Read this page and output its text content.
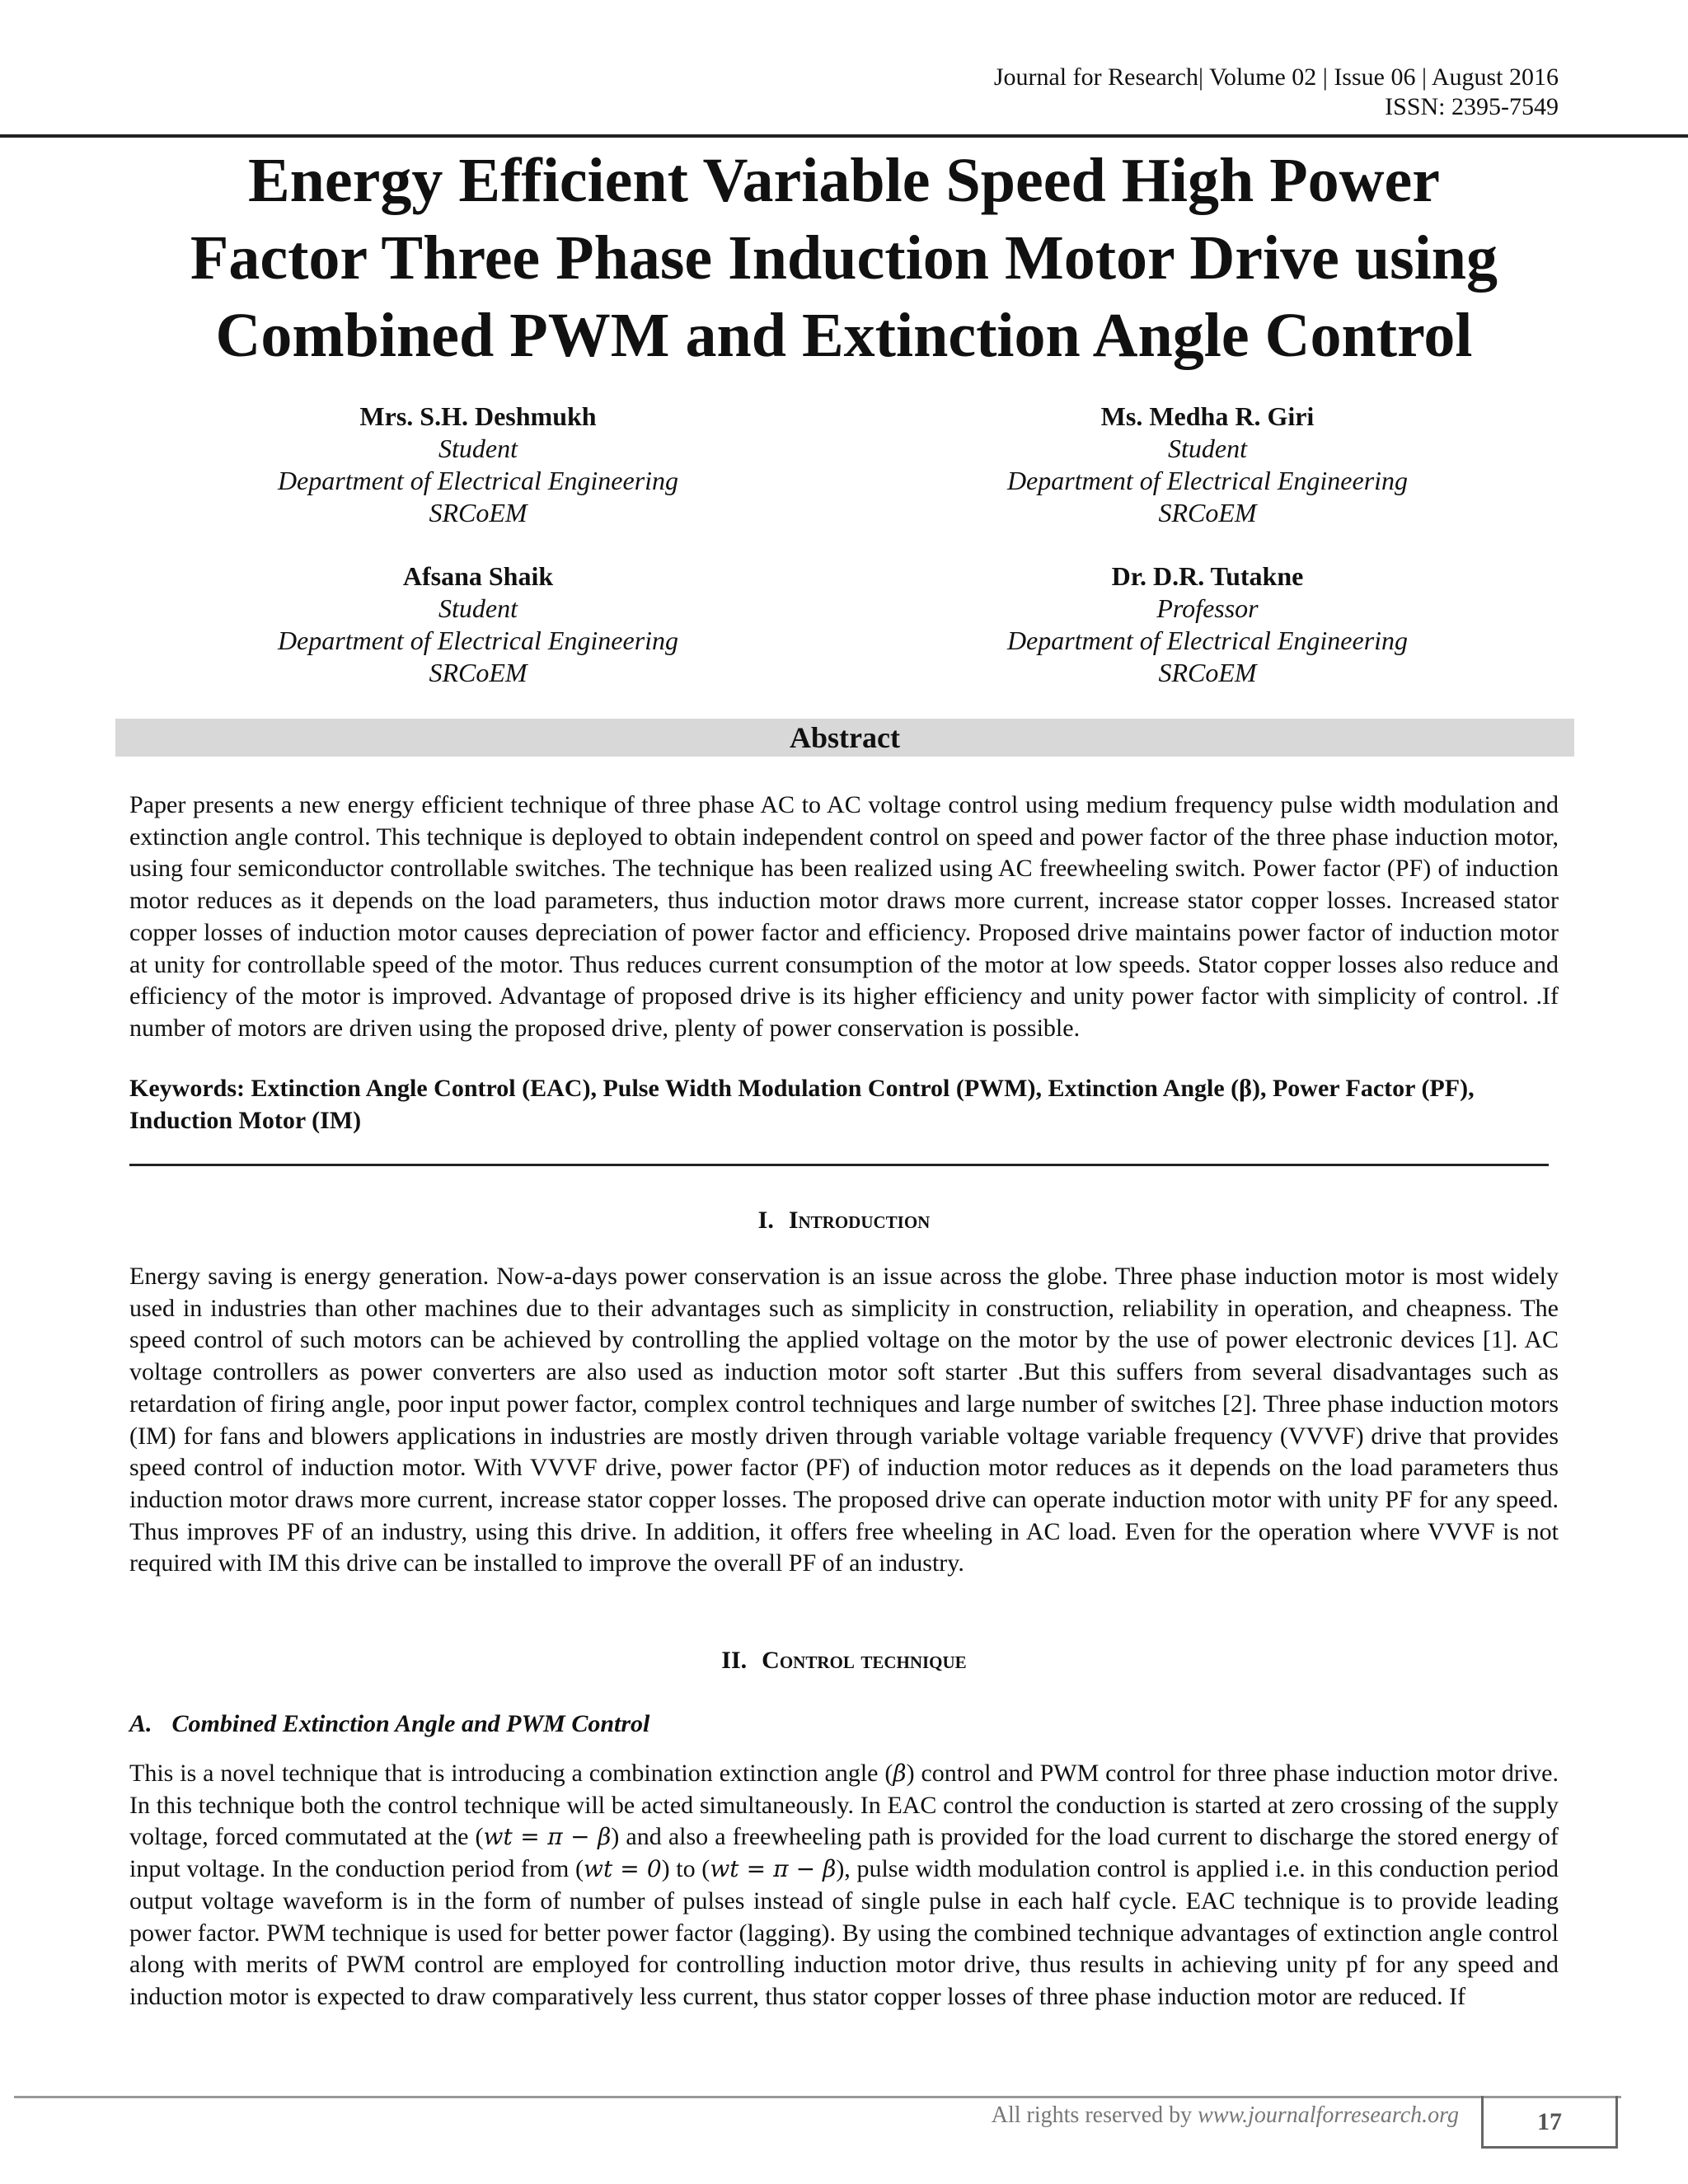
Journal for Research| Volume 02 | Issue 06 | August 2016
ISSN: 2395-7549
Energy Efficient Variable Speed High Power
Factor Three Phase Induction Motor Drive using
Combined PWM and Extinction Angle Control
Mrs. S.H. Deshmukh
Student
Department of Electrical Engineering
SRCoEM
Ms. Medha R. Giri
Student
Department of Electrical Engineering
SRCoEM
Afsana Shaik
Student
Department of Electrical Engineering
SRCoEM
Dr. D.R. Tutakne
Professor
Department of Electrical Engineering
SRCoEM
Abstract
Paper presents a new energy efficient technique of three phase AC to AC voltage control using medium frequency pulse width modulation and extinction angle control. This technique is deployed to obtain independent control on speed and power factor of the three phase induction motor, using four semiconductor controllable switches. The technique has been realized using AC freewheeling switch. Power factor (PF) of induction motor reduces as it depends on the load parameters, thus induction motor draws more current, increase stator copper losses. Increased stator copper losses of induction motor causes depreciation of power factor and efficiency. Proposed drive maintains power factor of induction motor at unity for controllable speed of the motor. Thus reduces current consumption of the motor at low speeds. Stator copper losses also reduce and efficiency of the motor is improved. Advantage of proposed drive is its higher efficiency and unity power factor with simplicity of control. .If number of motors are driven using the proposed drive, plenty of power conservation is possible.
Keywords: Extinction Angle Control (EAC), Pulse Width Modulation Control (PWM), Extinction Angle (β), Power Factor (PF), Induction Motor (IM)
I. Introduction
Energy saving is energy generation. Now-a-days power conservation is an issue across the globe. Three phase induction motor is most widely used in industries than other machines due to their advantages such as simplicity in construction, reliability in operation, and cheapness. The speed control of such motors can be achieved by controlling the applied voltage on the motor by the use of power electronic devices [1]. AC voltage controllers as power converters are also used as induction motor soft starter .But this suffers from several disadvantages such as retardation of firing angle, poor input power factor, complex control techniques and large number of switches [2]. Three phase induction motors (IM) for fans and blowers applications in industries are mostly driven through variable voltage variable frequency (VVVF) drive that provides speed control of induction motor. With VVVF drive, power factor (PF) of induction motor reduces as it depends on the load parameters thus induction motor draws more current, increase stator copper losses. The proposed drive can operate induction motor with unity PF for any speed. Thus improves PF of an industry, using this drive. In addition, it offers free wheeling in AC load. Even for the operation where VVVF is not required with IM this drive can be installed to improve the overall PF of an industry.
II. Control technique
A. Combined Extinction Angle and PWM Control
This is a novel technique that is introducing a combination extinction angle (β) control and PWM control for three phase induction motor drive. In this technique both the control technique will be acted simultaneously. In EAC control the conduction is started at zero crossing of the supply voltage, forced commutated at the (wt = π − β) and also a freewheeling path is provided for the load current to discharge the stored energy of input voltage. In the conduction period from (wt = 0) to (wt = π − β), pulse width modulation control is applied i.e. in this conduction period output voltage waveform is in the form of number of pulses instead of single pulse in each half cycle. EAC technique is to provide leading power factor. PWM technique is used for better power factor (lagging). By using the combined technique advantages of extinction angle control along with merits of PWM control are employed for controlling induction motor drive, thus results in achieving unity pf for any speed and induction motor is expected to draw comparatively less current, thus stator copper losses of three phase induction motor are reduced. If
All rights reserved by www.journalforresearch.org	17
